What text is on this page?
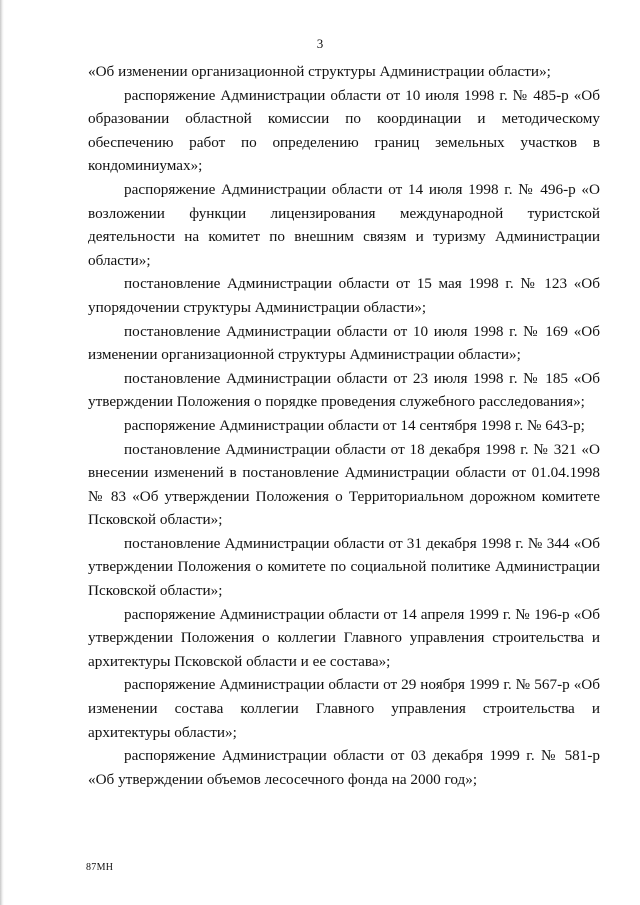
3

«Об изменении организационной структуры Администрации области»;

распоряжение Администрации области от 10 июля 1998 г. № 485-р «Об образовании областной комиссии по координации и методическому обеспечению работ по определению границ земельных участков в кондоминиумах»;

распоряжение Администрации области от 14 июля 1998 г. № 496-р «О возложении функции лицензирования международной туристской деятельности на комитет по внешним связям и туризму Администрации области»;

постановление Администрации области от 15 мая 1998 г. № 123 «Об упорядочении структуры Администрации области»;

постановление Администрации области от 10 июля 1998 г. № 169 «Об изменении организационной структуры Администрации области»;

постановление Администрации области от 23 июля 1998 г. № 185 «Об утверждении Положения о порядке проведения служебного расследования»;

распоряжение Администрации области от 14 сентября 1998 г. № 643-р;

постановление Администрации области от 18 декабря 1998 г. № 321 «О внесении изменений в постановление Администрации области от 01.04.1998 № 83 «Об утверждении Положения о Территориальном дорожном комитете Псковской области»;

постановление Администрации области от 31 декабря 1998 г. № 344 «Об утверждении Положения о комитете по социальной политике Администрации Псковской области»;

распоряжение Администрации области от 14 апреля 1999 г. № 196-р «Об утверждении Положения о коллегии Главного управления строительства и архитектуры Псковской области и ее состава»;

распоряжение Администрации области от 29 ноября 1999 г. № 567-р «Об изменении состава коллегии Главного управления строительства и архитектуры области»;

распоряжение Администрации области от 03 декабря 1999 г. № 581-р «Об утверждении объемов лесосечного фонда на 2000 год»;

87МН
